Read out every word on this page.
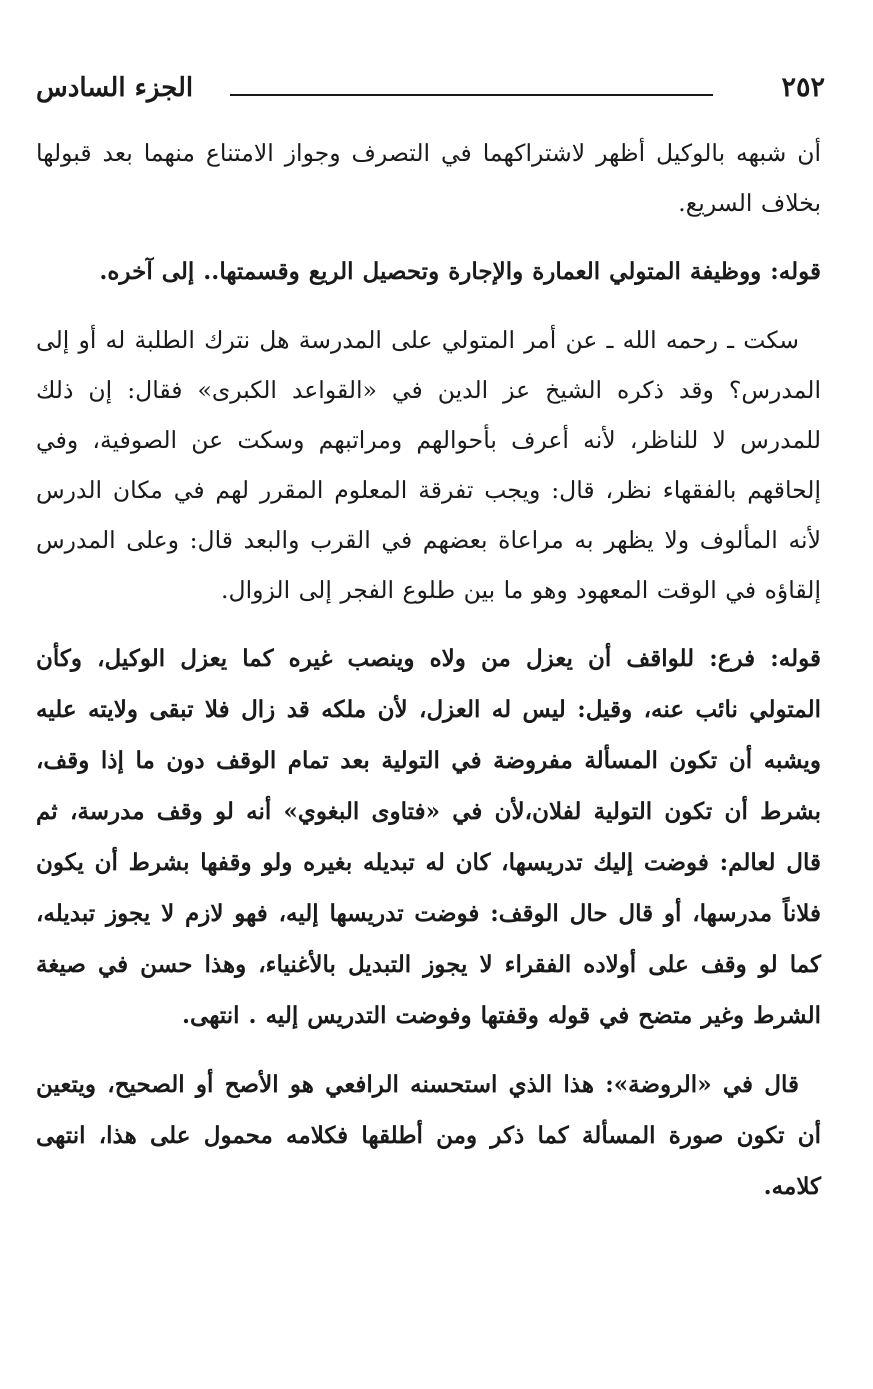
٢٥٢
الجزء السادس

أن شبهه بالوكيل أظهر لاشتراكهما في التصرف وجواز الامتناع منهما بعد قبولها بخلاف السريع.

قوله: ووظيفة المتولي العمارة والإجارة وتحصيل الريع وقسمتها.. إلى آخره.

سكت ـ رحمه الله ـ عن أمر المتولي على المدرسة هل نترك الطلبة له أو إلى المدرس؟ وقد ذكره الشيخ عز الدين في «القواعد الكبرى» فقال: إن ذلك للمدرس لا للناظر، لأنه أعرف بأحوالهم ومراتبهم وسكت عن الصوفية، وفي إلحاقهم بالفقهاء نظر، قال: ويجب تفرقة المعلوم المقرر لهم في مكان الدرس لأنه المألوف ولا يظهر به مراعاة بعضهم في القرب والبعد قال: وعلى المدرس إلقاؤه في الوقت المعهود وهو ما بين طلوع الفجر إلى الزوال.

قوله: فرع: للواقف أن يعزل من ولاه وينصب غيره كما يعزل الوكيل، وكأن المتولي نائب عنه، وقيل: ليس له العزل، لأن ملكه قد زال فلا تبقى ولايته عليه ويشبه أن تكون المسألة مفروضة في التولية بعد تمام الوقف دون ما إذا وقف، بشرط أن تكون التولية لفلان،لأن في «فتاوى البغوي» أنه لو وقف مدرسة، ثم قال لعالم: فوضت إليك تدريسها، كان له تبديله بغيره ولو وقفها بشرط أن يكون فلاناً مدرسها، أو قال حال الوقف: فوضت تدريسها إليه، فهو لازم لا يجوز تبديله، كما لو وقف على أولاده الفقراء لا يجوز التبديل بالأغنياء، وهذا حسن في صيغة الشرط وغير متضح في قوله وقفتها وفوضت التدريس إليه . انتهى.

قال في «الروضة»: هذا الذي استحسنه الرافعي هو الأصح أو الصحيح، ويتعين أن تكون صورة المسألة كما ذكر ومن أطلقها فكلامه محمول على هذا، انتهى كلامه.
